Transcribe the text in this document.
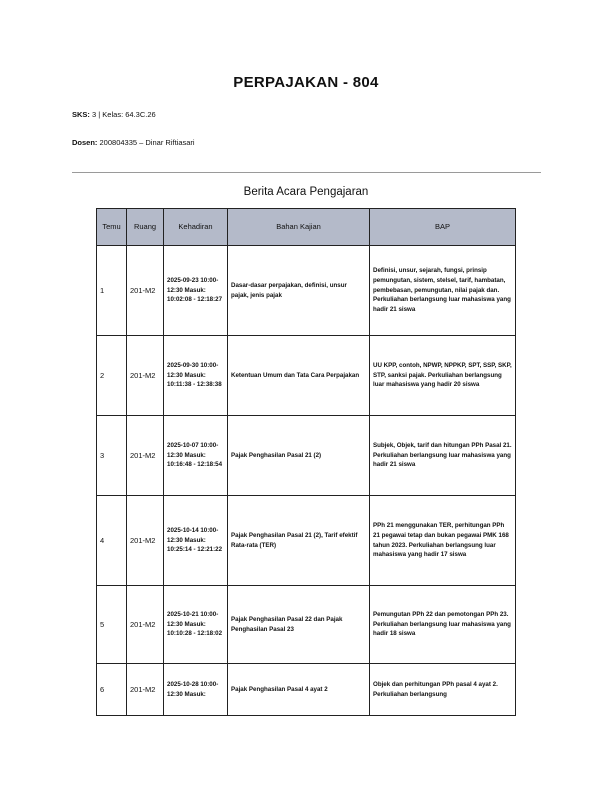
PERPAJAKAN - 804
SKS: 3 | Kelas: 64.3C.26
Dosen: 200804335 – Dinar Riftiasari
Berita Acara Pengajaran
Temu	Ruang	Kehadiran	Bahan Kajian	BAP
1	201-M2	2025-09-23 10:00-12:30 Masuk: 10:02:08 - 12:18:27	Dasar-dasar perpajakan, definisi, unsur pajak, jenis pajak	Definisi, unsur, sejarah, fungsi, prinsip pemungutan, sistem, stelsel, tarif, hambatan, pembebasan, pemungutan, nilai pajak dan. Perkuliahan berlangsung luar mahasiswa yang hadir 21 siswa
2	201-M2	2025-09-30 10:00-12:30 Masuk: 10:11:38 - 12:38:38	Ketentuan Umum dan Tata Cara Perpajakan	UU KPP, contoh, NPWP, NPPKP, SPT, SSP, SKP, STP, sanksi pajak. Perkuliahan berlangsung luar mahasiswa yang hadir 20 siswa
3	201-M2	2025-10-07 10:00-12:30 Masuk: 10:16:48 - 12:18:54	Pajak Penghasilan Pasal 21 (2)	Subjek, Objek, tarif dan hitungan PPh Pasal 21. Perkuliahan berlangsung luar mahasiswa yang hadir 21 siswa
4	201-M2	2025-10-14 10:00-12:30 Masuk: 10:25:14 - 12:21:22	Pajak Penghasilan Pasal 21 (2), Tarif efektif Rata-rata (TER)	PPh 21 menggunakan TER, perhitungan PPh 21 pegawai tetap dan bukan pegawai PMK 168 tahun 2023. Perkuliahan berlangsung luar mahasiswa yang hadir 17 siswa
5	201-M2	2025-10-21 10:00-12:30 Masuk: 10:10:28 - 12:18:02	Pajak Penghasilan Pasal 22 dan Pajak Penghasilan Pasal 23	Pemungutan PPh 22 dan pemotongan PPh 23. Perkuliahan berlangsung luar mahasiswa yang hadir 18 siswa
6	201-M2	2025-10-28 10:00-12:30 Masuk:	Pajak Penghasilan Pasal 4 ayat 2	Objek dan perhitungan PPh pasal 4 ayat 2. Perkuliahan berlangsung
